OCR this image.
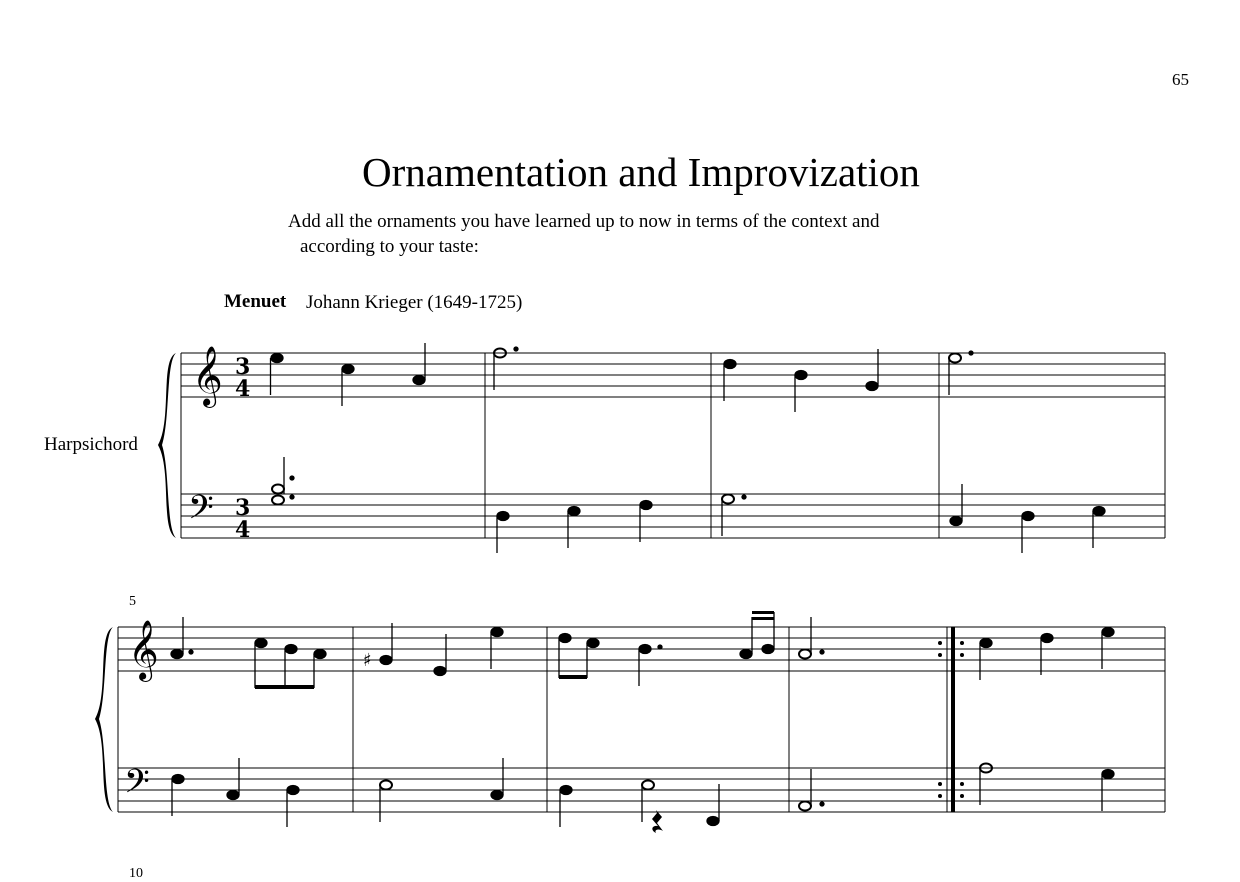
65
Ornamentation and Improvization
Add all the ornaments you have learned up to now in terms of the context and
according to your taste:
Menuet Johann Krieger (1649-1725)
Harpsichord
5
10
𝄞
𝄢
𝄞
𝄢
3
4
3
4
♯
